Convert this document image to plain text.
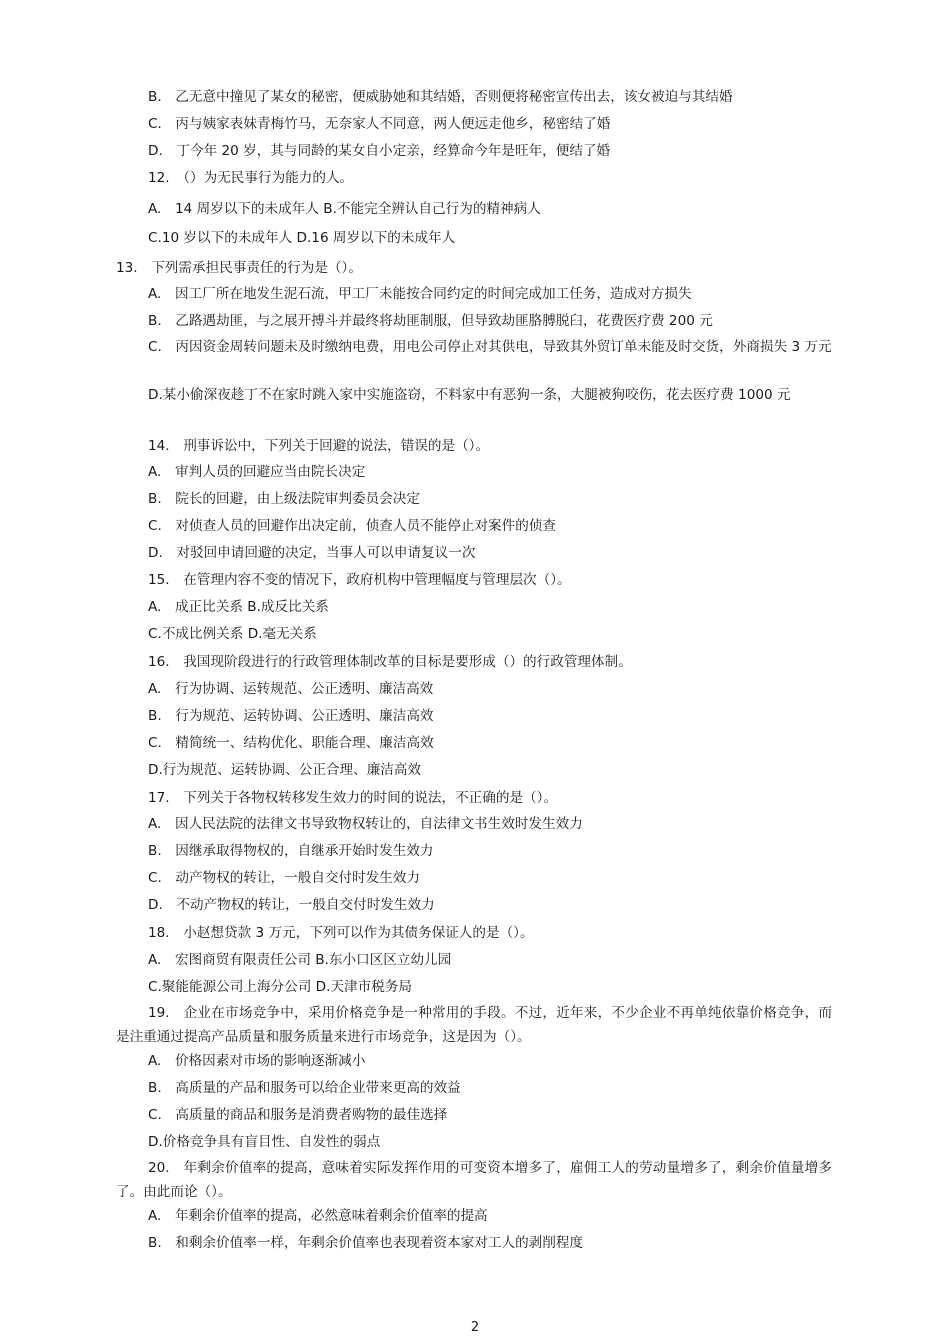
B.　乙无意中撞见了某女的秘密，便威胁她和其结婚，否则便将秘密宣传出去，该女被迫与其结婚
C.　丙与姨家表妹青梅竹马，无奈家人不同意，两人便远走他乡，秘密结了婚
D.　丁今年 20 岁，其与同龄的某女自小定亲，经算命今年是旺年，便结了婚
12.　（）为无民事行为能力的人。
A.　14 周岁以下的未成年人 B.不能完全辨认自己行为的精神病人
C.10 岁以下的未成年人 D.16 周岁以下的未成年人
13.　下列需承担民事责任的行为是（）。
A.　因工厂所在地发生泥石流，甲工厂未能按合同约定的时间完成加工任务，造成对方损失
B.　乙路遇劫匪，与之展开搏斗并最终将劫匪制服，但导致劫匪胳膊脱臼，花费医疗费 200 元
C.　丙因资金周转问题未及时缴纳电费，用电公司停止对其供电，导致其外贸订单未能及时交货，外商损失 3 万元
D.某小偷深夜趁丁不在家时跳入家中实施盗窃，不料家中有恶狗一条，大腿被狗咬伤，花去医疗费 1000 元
14.　刑事诉讼中，下列关于回避的说法，错误的是（）。
A.　审判人员的回避应当由院长决定
B.　院长的回避，由上级法院审判委员会决定
C.　对侦查人员的回避作出决定前，侦查人员不能停止对案件的侦查
D.　对驳回申请回避的决定，当事人可以申请复议一次
15.　在管理内容不变的情况下，政府机构中管理幅度与管理层次（）。
A.　成正比关系 B.成反比关系
C.不成比例关系 D.毫无关系
16.　我国现阶段进行的行政管理体制改革的目标是要形成（）的行政管理体制。
A.　行为协调、运转规范、公正透明、廉洁高效
B.　行为规范、运转协调、公正透明、廉洁高效
C.　精简统一、结构优化、职能合理、廉洁高效
D.行为规范、运转协调、公正合理、廉洁高效
17.　下列关于各物权转移发生效力的时间的说法，不正确的是（）。
A.　因人民法院的法律文书导致物权转让的，自法律文书生效时发生效力
B.　因继承取得物权的，自继承开始时发生效力
C.　动产物权的转让，一般自交付时发生效力
D.　不动产物权的转让，一般自交付时发生效力
18.　小赵想贷款 3 万元，下列可以作为其债务保证人的是（）。
A.　宏图商贸有限责任公司 B.东小口区区立幼儿园
C.聚能能源公司上海分公司 D.天津市税务局
19.　企业在市场竞争中，采用价格竞争是一种常用的手段。不过，近年来，不少企业不再单纯依靠价格竞争，而是注重通过提高产品质量和服务质量来进行市场竞争，这是因为（）。
A.　价格因素对市场的影响逐渐减小
B.　高质量的产品和服务可以给企业带来更高的效益
C.　高质量的商品和服务是消费者购物的最佳选择
D.价格竞争具有盲目性、自发性的弱点
20.　年剩余价值率的提高，意味着实际发挥作用的可变资本增多了，雇佣工人的劳动量增多了，剩余价值量增多了。由此而论（）。
A.　年剩余价值率的提高，必然意味着剩余价值率的提高
B.　和剩余价值率一样，年剩余价值率也表现着资本家对工人的剥削程度
2
